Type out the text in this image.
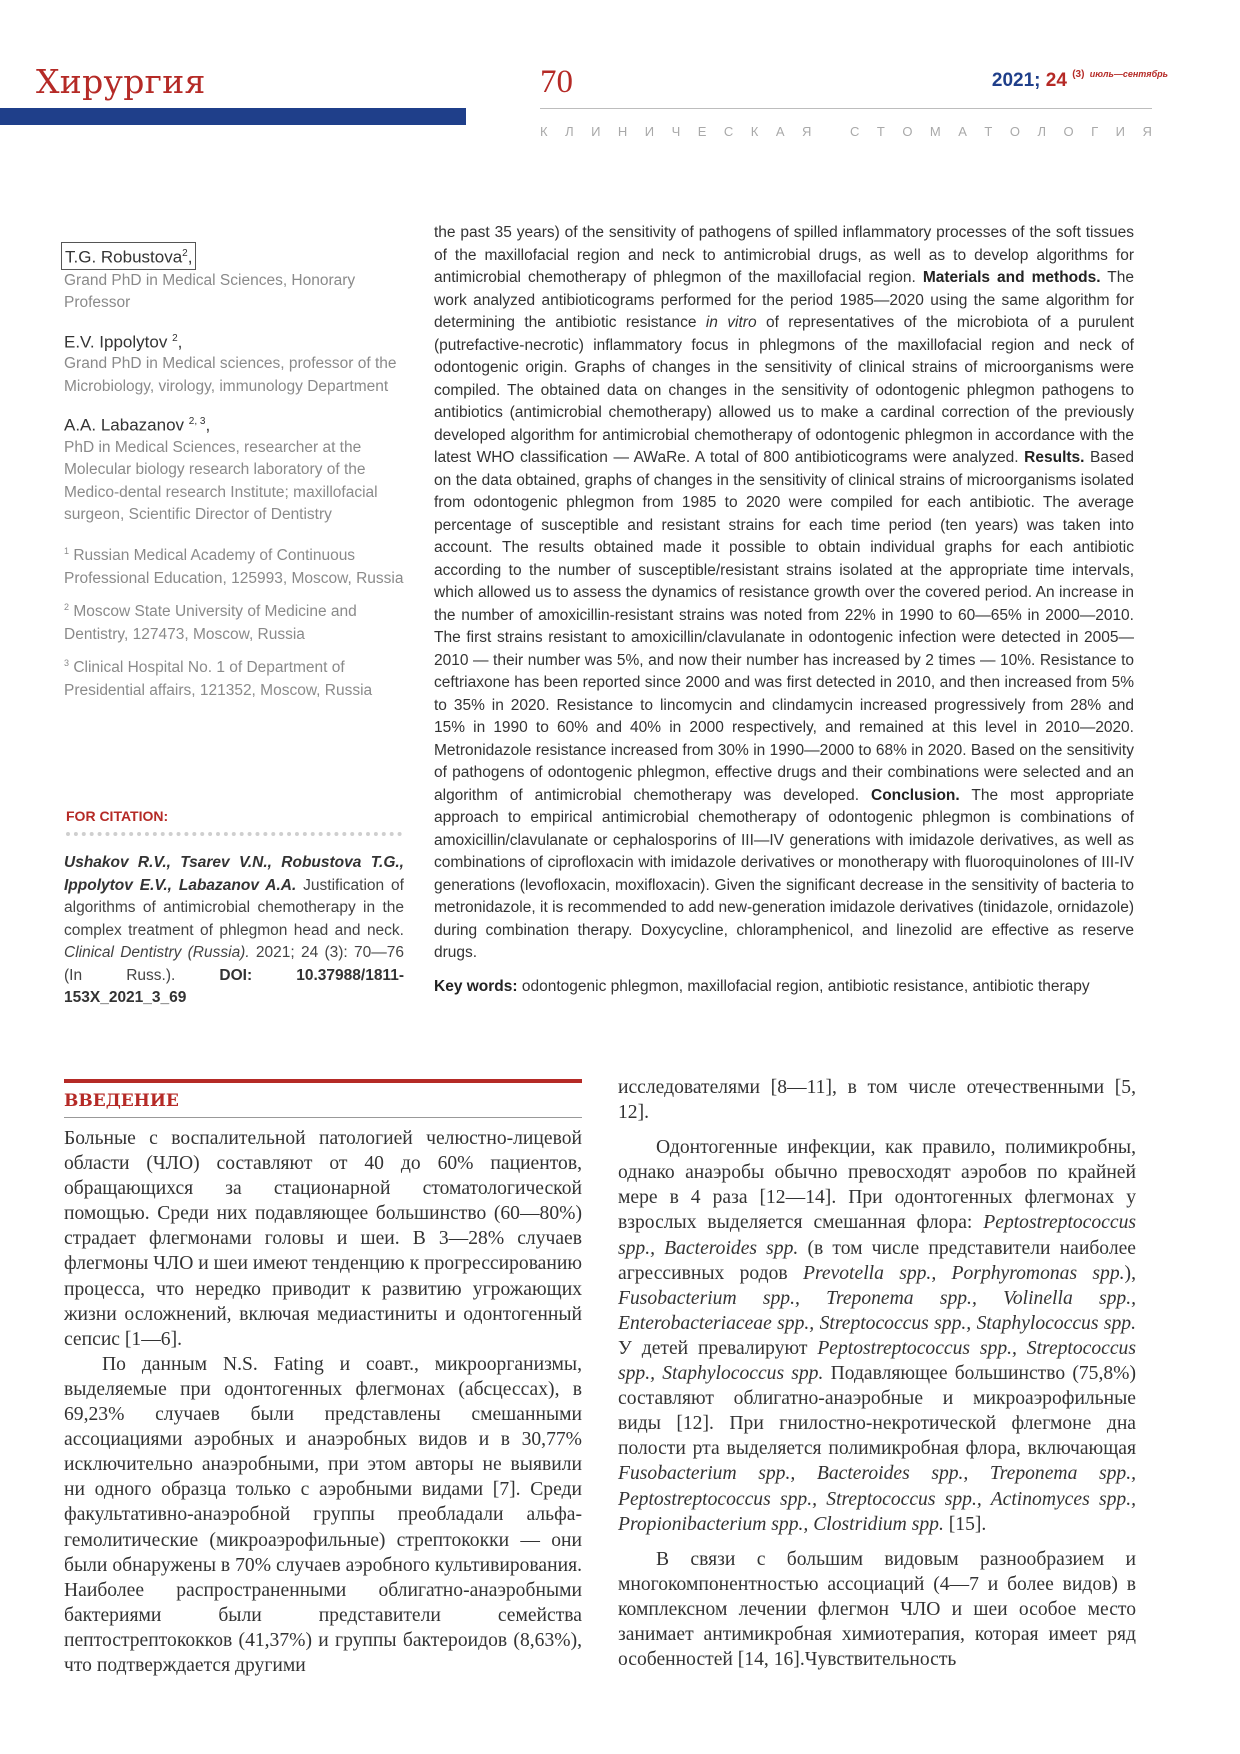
Хирургия	70	2021; 24 $^{(3)}$ $^{июль—сентябрь}$
К Л И Н И Ч Е С К А Я
	С Т О М А Т О Л О Г И Я
T.G. Robustova$^2$,
Grand PhD in Medical Sciences, Honorary Professor
E.V. Ippolytov $^2$,
Grand PhD in Medical sciences, professor of the Microbiology, virology, immunology Department
A.A. Labazanov $^{2, 3}$,
PhD in Medical Sciences, researcher at the Molecular biology research laboratory of the Medico-dental research Institute; maxillofacial surgeon, Scientific Director of Dentistry
$^1$ Russian Medical Academy of Continuous Professional Education, 125993, Moscow, Russia
$^2$ Moscow State University of Medicine and Dentistry, 127473, Moscow, Russia
$^3$ Clinical Hospital No. 1 of Department of Presidential affairs, 121352, Moscow, Russia
FOR CITATION:
Ushakov R.V., Tsarev V.N., Robustova T.G., Ippolytov E.V., Labazanov A.A. Justification of algorithms of antimicrobial chemotherapy in the complex treatment of phlegmon head and neck. Clinical Dentistry (Russia). 2021; 24 (3): 70—76 (In Russ.). DOI: 10.37988/1811-153X_2021_3_69

the past 35 years) of the sensitivity of pathogens of spilled inflammatory processes of the soft tissues of the maxillofacial region and neck to antimicrobial drugs, as well as to develop algorithms for antimicrobial chemotherapy of phlegmon of the maxillofacial region. Materials and methods. The work analyzed antibioticograms performed for the period 1985—2020 using the same algorithm for determining the antibiotic resistance in vitro of representatives of the microbiota of a purulent (putrefactive-necrotic) inflammatory focus in phlegmons of the maxillofacial region and neck of odontogenic origin. Graphs of changes in the sensitivity of clinical strains of microorganisms were compiled. The obtained data on changes in the sensitivity of odontogenic phlegmon pathogens to antibiotics (antimicrobial chemotherapy) allowed us to make a cardinal correction of the previously developed algorithm for antimicrobial chemotherapy of odontogenic phlegmon in accordance with the latest WHO classification — AWaRe. A total of 800 antibioticograms were analyzed. Results. Based on the data obtained, graphs of changes in the sensitivity of clinical strains of microorganisms isolated from odontogenic phlegmon from 1985 to 2020 were compiled for each antibiotic. The average percentage of susceptible and resistant strains for each time period (ten years) was taken into account. The results obtained made it possible to obtain individual graphs for each antibiotic according to the number of susceptible/resistant strains isolated at the appropriate time intervals, which allowed us to assess the dynamics of resistance growth over the covered period. An increase in the number of amoxicillin-resistant strains was noted from 22% in 1990 to 60—65% in 2000—2010. The first strains resistant to amoxicillin/clavulanate in odontogenic infection were detected in 2005—2010 — their number was 5%, and now their number has increased by 2 times — 10%. Resistance to ceftriaxone has been reported since 2000 and was first detected in 2010, and then increased from 5% to 35% in 2020. Resistance to lincomycin and clindamycin increased progressively from 28% and 15% in 1990 to 60% and 40% in 2000 respectively, and remained at this level in 2010—2020. Metronidazole resistance increased from 30% in 1990—2000 to 68% in 2020. Based on the sensitivity of pathogens of odontogenic phlegmon, effective drugs and their combinations were selected and an algorithm of antimicrobial chemotherapy was developed. Conclusion. The most appropriate approach to empirical antimicrobial chemotherapy of odontogenic phlegmon is combinations of amoxicillin/clavulanate or cephalosporins of III—IV generations with imidazole derivatives, as well as combinations of ciprofloxacin with imidazole derivatives or monotherapy with fluoroquinolones of III-IV generations (levofloxacin, moxifloxacin). Given the significant decrease in the sensitivity of bacteria to metronidazole, it is recommended to add new-generation imidazole derivatives (tinidazole, ornidazole) during combination therapy. Doxycycline, chloramphenicol, and linezolid are effective as reserve drugs.

Key words: odontogenic phlegmon, maxillofacial region, antibiotic resistance, antibiotic therapy
ВВЕДЕНИЕ

Больные с воспалительной патологией челюстно-лицевой области (ЧЛО) составляют от 40 до 60% пациентов, обращающихся за стационарной стоматологической помощью. Среди них подавляющее большинство (60—80%) страдает флегмонами головы и шеи. В 3—28% случаев флегмоны ЧЛО и шеи имеют тенденцию к прогрессированию процесса, что нередко приводит к развитию угрожающих жизни осложнений, включая медиастиниты и одонтогенный сепсис [1—6].

По данным N.S. Fating и соавт., микроорганизмы, выделяемые при одонтогенных флегмонах (абсцессах), в 69,23% случаев были представлены смешанными ассоциациями аэробных и анаэробных видов и в 30,77% исключительно анаэробными, при этом авторы не выявили ни одного образца только с аэробными видами [7]. Среди факультативно-анаэробной группы преобладали альфа-гемолитические (микроаэрофильные) стрептококки — они были обнаружены в 70% случаев аэробного культивирования. Наиболее распространенными облигатно-анаэробными бактериями были представители семейства пептострептококков (41,37%) и группы бактероидов (8,63%), что подтверждается другими

исследователями [8—11], в том числе отечественными [5, 12].

Одонтогенные инфекции, как правило, полимикробны, однако анаэробы обычно превосходят аэробов по крайней мере в 4 раза [12—14]. При одонтогенных флегмонах у взрослых выделяется смешанная флора: Peptostreptococcus spp., Bacteroides spp. (в том числе представители наиболее агрессивных родов Prevotella spp., Porphyromonas spp.), Fusobacterium spp., Treponema spp., Volinella spp., Enterobacteriaceae spp., Streptococcus spp., Staphylococcus spp. У детей превалируют Peptostreptococcus spp., Streptococcus spp., Staphylococcus spp. Подавляющее большинство (75,8%) составляют облигатно-анаэробные и микроаэрофильные виды [12]. При гнилостно-некротической флегмоне дна полости рта выделяется полимикробная флора, включающая Fusobacterium spp., Bacteroides spp., Treponema spp., Peptostreptococcus spp., Streptococcus spp., Actinomyces spp., Propionibacterium spp., Clostridium spp. [15].

В связи с большим видовым разнообразием и многокомпонентностью ассоциаций (4—7 и более видов) в комплексном лечении флегмон ЧЛО и шеи особое место занимает антимикробная химиотерапия, которая имеет ряд особенностей [14, 16].Чувствительность
